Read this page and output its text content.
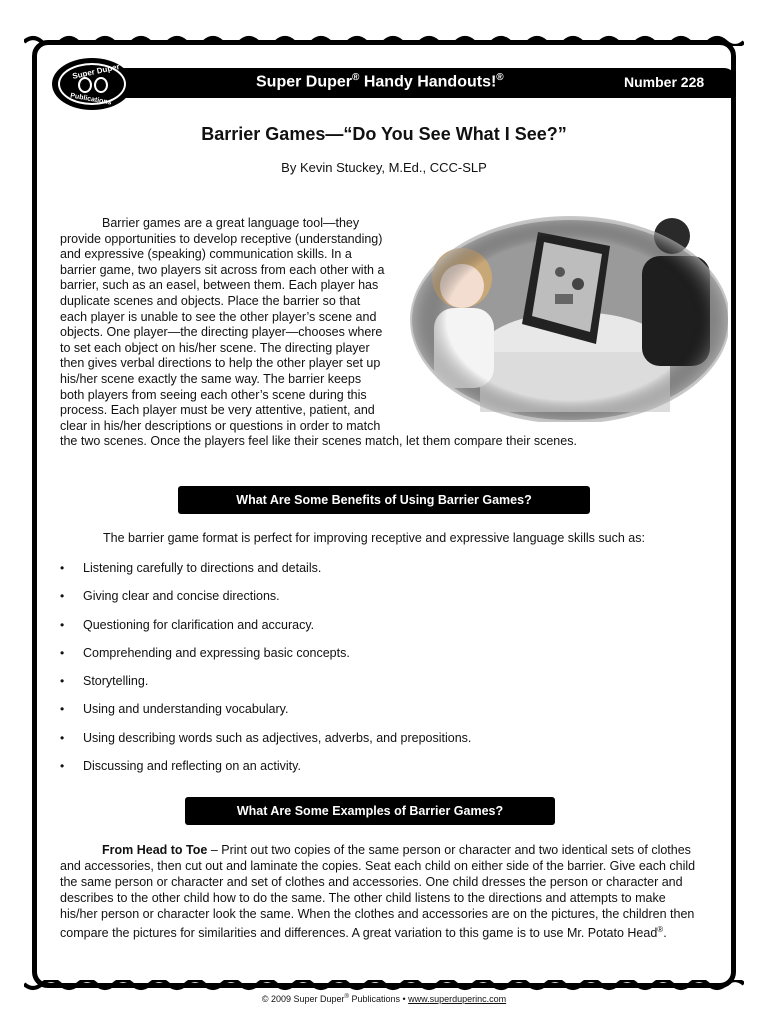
Super Duper
Publications
Super Duper® Handy Handouts!®	Number 228
Barrier Games—“Do You See What I See?”
By Kevin Stuckey, M.Ed., CCC-SLP
Barrier games are a great language tool—they
provide opportunities to develop receptive (understanding)
and expressive (speaking) communication skills. In a
barrier game, two players sit across from each other with a
barrier, such as an easel, between them. Each player has
duplicate scenes and objects. Place the barrier so that
each player is unable to see the other player’s scene and
objects. One player—the directing player—chooses where
to set each object on his/her scene. The directing player
then gives verbal directions to help the other player set up
his/her scene exactly the same way. The barrier keeps
both players from seeing each other’s scene during this
process. Each player must be very attentive, patient, and
clear in his/her descriptions or questions in order to match
the two scenes. Once the players feel like their scenes match, let them compare their scenes.
What Are Some Benefits of Using Barrier Games?
The barrier game format is perfect for improving receptive and expressive language skills such as:
•	Listening carefully to directions and details.
•	Giving clear and concise directions.
•	Questioning for clarification and accuracy.
•	Comprehending and expressing basic concepts.
•	Storytelling.
•	Using and understanding vocabulary.
•	Using describing words such as adjectives, adverbs, and prepositions.
•	Discussing and reflecting on an activity.
What Are Some Examples of Barrier Games?
From Head to Toe – Print out two copies of the same person or character and two identical sets of clothes and accessories, then cut out and laminate the copies. Seat each child on either side of the barrier. Give each child the same person or character and set of clothes and accessories. One child dresses the person or character and describes to the other child how to do the same. The other child listens to the directions and attempts to make his/her person or character look the same. When the clothes and accessories are on the pictures, the children then compare the pictures for similarities and differences. A great variation to this game is to use Mr. Potato Head®.
© 2009 Super Duper® Publications • www.superduperinc.com
